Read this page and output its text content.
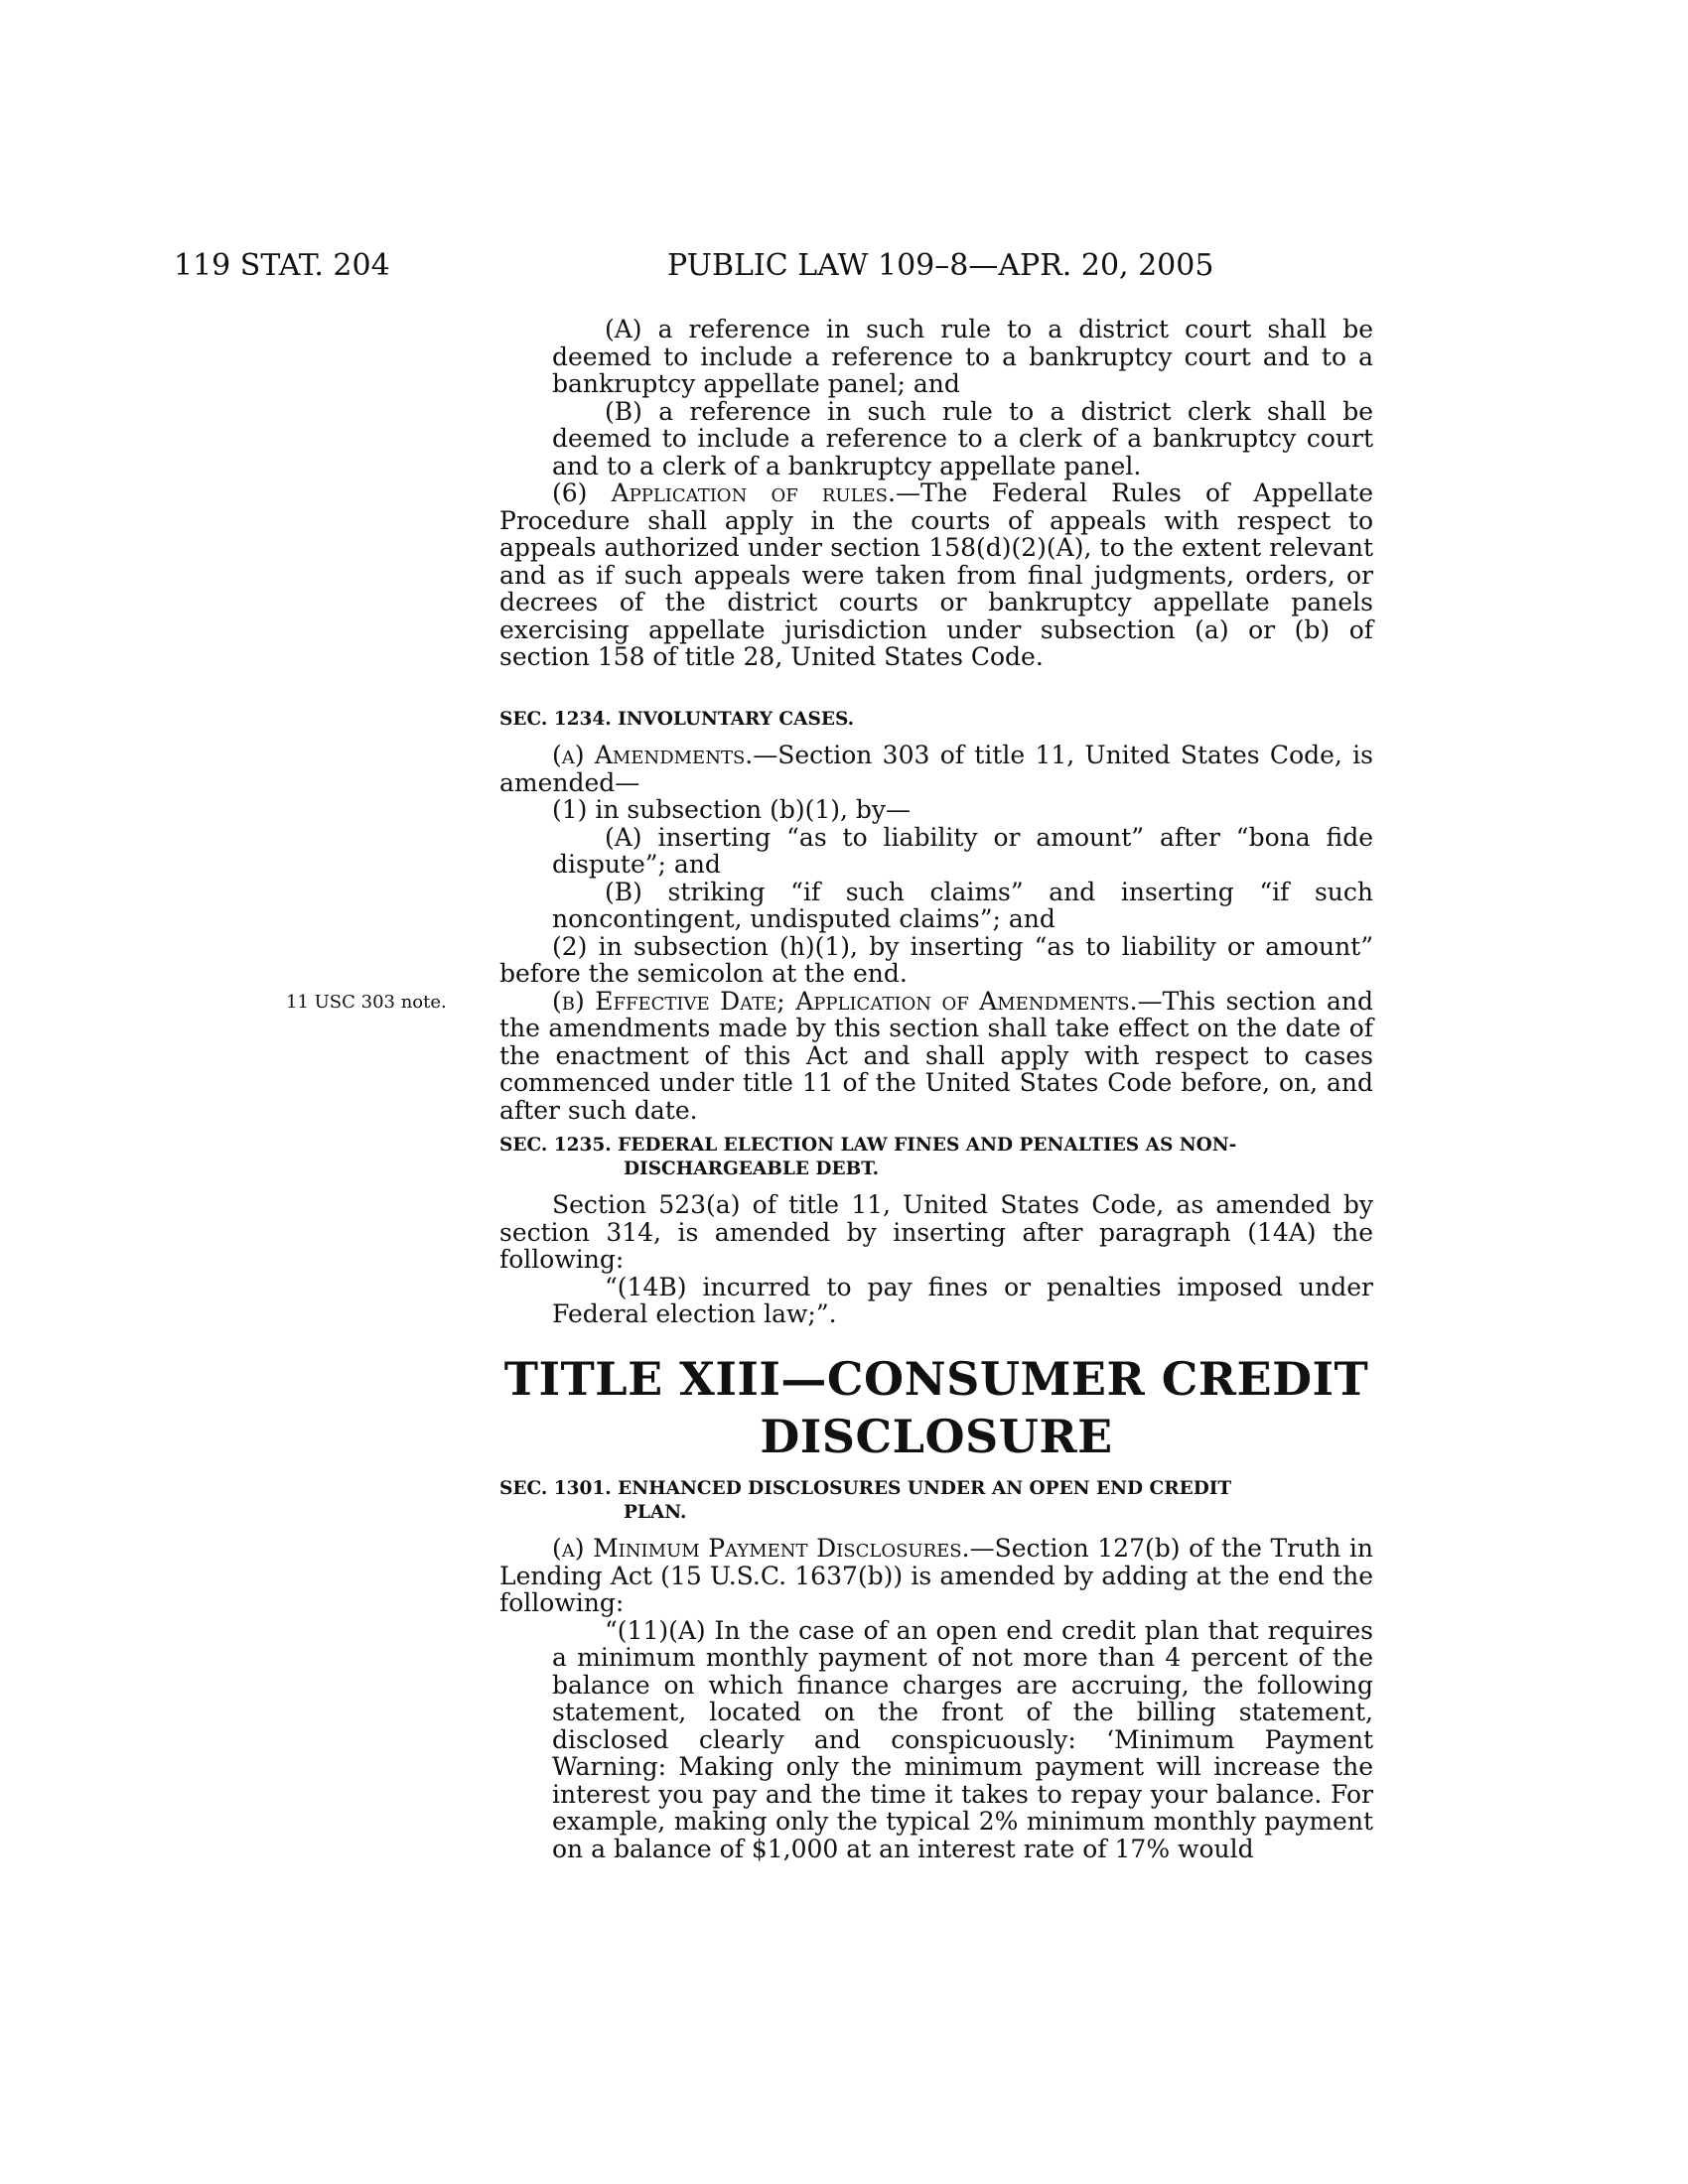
119 STAT. 204	PUBLIC LAW 109–8—APR. 20, 2005

(A) a reference in such rule to a district court shall be deemed to include a reference to a bankruptcy court and to a bankruptcy appellate panel; and

(B) a reference in such rule to a district clerk shall be deemed to include a reference to a clerk of a bankruptcy court and to a clerk of a bankruptcy appellate panel.

(6) Application of rules.—The Federal Rules of Appellate Procedure shall apply in the courts of appeals with respect to appeals authorized under section 158(d)(2)(A), to the extent relevant and as if such appeals were taken from final judgments, orders, or decrees of the district courts or bankruptcy appellate panels exercising appellate jurisdiction under subsection (a) or (b) of section 158 of title 28, United States Code.

SEC. 1234. INVOLUNTARY CASES.

(a) Amendments.—Section 303 of title 11, United States Code, is amended—

(1) in subsection (b)(1), by—

(A) inserting “as to liability or amount” after “bona fide dispute”; and

(B) striking “if such claims” and inserting “if such noncontingent, undisputed claims”; and

(2) in subsection (h)(1), by inserting “as to liability or amount” before the semicolon at the end.

(b) Effective Date; Application of Amendments.—This section and the amendments made by this section shall take effect on the date of the enactment of this Act and shall apply with respect to cases commenced under title 11 of the United States Code before, on, and after such date.

11 USC 303 note.

SEC. 1235. FEDERAL ELECTION LAW FINES AND PENALTIES AS NON-
DISCHARGEABLE DEBT.

Section 523(a) of title 11, United States Code, as amended by section 314, is amended by inserting after paragraph (14A) the following:

“(14B) incurred to pay fines or penalties imposed under Federal election law;”.

TITLE XIII—CONSUMER CREDIT
DISCLOSURE

SEC. 1301. ENHANCED DISCLOSURES UNDER AN OPEN END CREDIT
PLAN.

(a) Minimum Payment Disclosures.—Section 127(b) of the Truth in Lending Act (15 U.S.C. 1637(b)) is amended by adding at the end the following:

“(11)(A) In the case of an open end credit plan that requires a minimum monthly payment of not more than 4 percent of the balance on which finance charges are accruing, the following statement, located on the front of the billing statement, disclosed clearly and conspicuously: ‘Minimum Payment Warning: Making only the minimum payment will increase the interest you pay and the time it takes to repay your balance. For example, making only the typical 2% minimum monthly payment on a balance of $1,000 at an interest rate of 17% would
